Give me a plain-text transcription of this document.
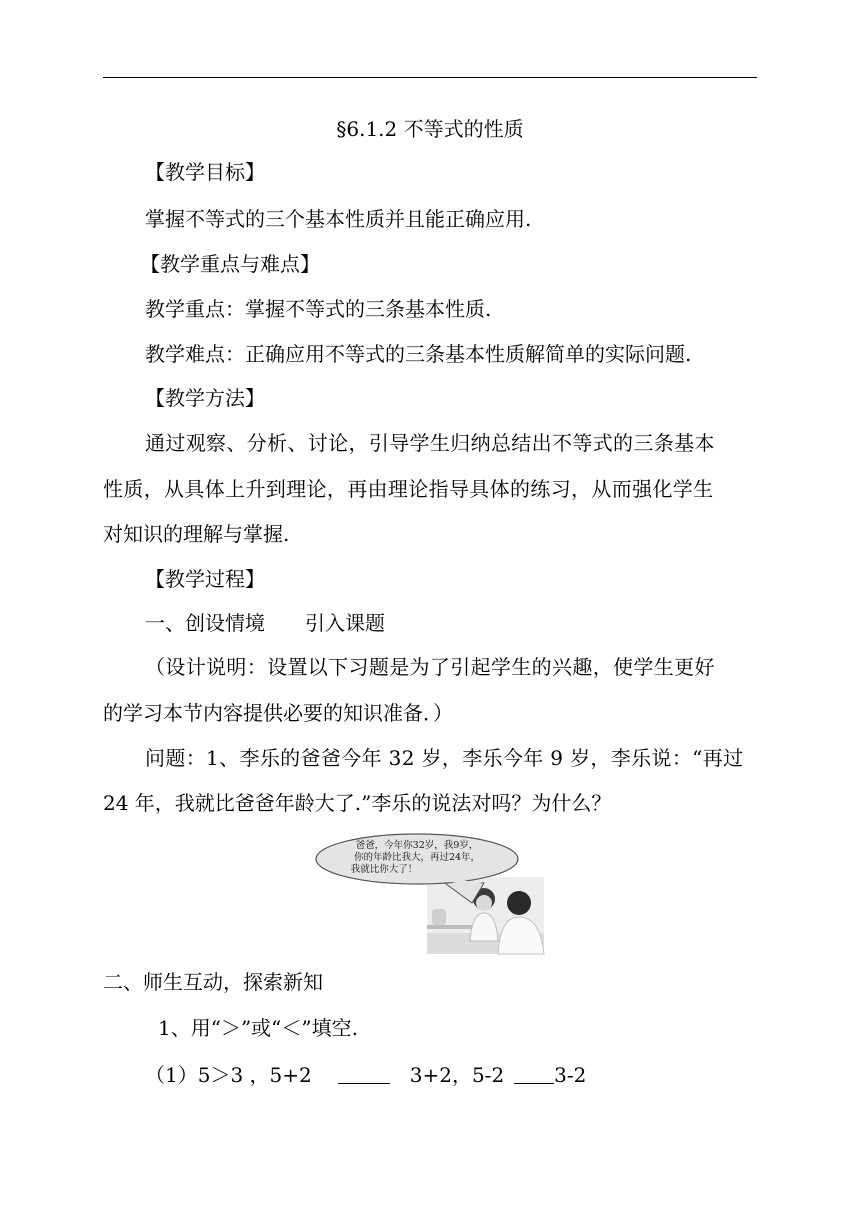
§6.1.2 不等式的性质
【教学目标】
掌握不等式的三个基本性质并且能正确应用.
【教学重点与难点】
教学重点：掌握不等式的三条基本性质.
教学难点：正确应用不等式的三条基本性质解简单的实际问题.
【教学方法】
通过观察、分析、讨论，引导学生归纳总结出不等式的三条基本
性质，从具体上升到理论，再由理论指导具体的练习，从而强化学生
对知识的理解与掌握.
【教学过程】
一、创设情境　　引入课题
（设计说明：设置以下习题是为了引起学生的兴趣，使学生更好
的学习本节内容提供必要的知识准备．）
问题：1、李乐的爸爸今年 32 岁，李乐今年 9 岁，李乐说：“再过
24 年，我就比爸爸年龄大了.”李乐的说法对吗？为什么？
爸爸，今年你32岁，我9岁，
你的年龄比我大，再过24年，
我就比你大了！
二、师生互动，探索新知
1、用“＞”或“＜”填空.
（1）5＞3 ，5+2	3+2，5-2	3-2
